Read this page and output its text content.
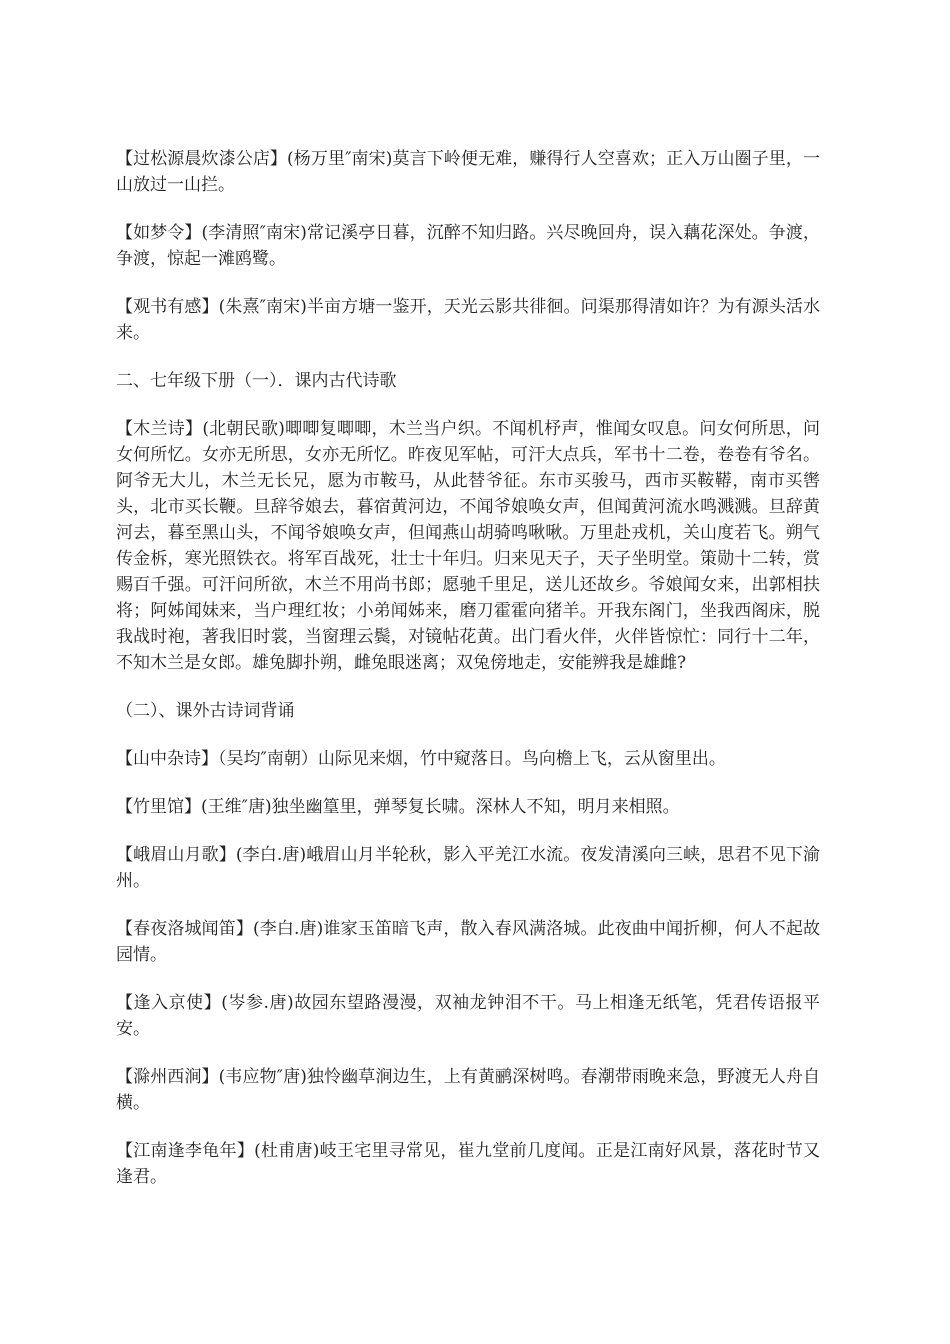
【过松源晨炊漆公店】(杨万里″南宋)莫言下岭便无难，赚得行人空喜欢；正入万山圈子里，一山放过一山拦。

【如梦令】(李清照″南宋)常记溪亭日暮，沉醉不知归路。兴尽晚回舟，误入藕花深处。争渡，争渡，惊起一滩鸥鹭。

【观书有感】(朱熹″南宋)半亩方塘一鉴开，天光云影共徘徊。问渠那得清如许？为有源头活水来。

二、七年级下册（一）．课内古代诗歌

【木兰诗】(北朝民歌)唧唧复唧唧，木兰当户织。不闻机杼声，惟闻女叹息。问女何所思，问女何所忆。女亦无所思，女亦无所忆。昨夜见军帖，可汗大点兵，军书十二卷，卷卷有爷名。阿爷无大儿，木兰无长兄，愿为市鞍马，从此替爷征。东市买骏马，西市买鞍鞯，南市买辔头，北市买长鞭。旦辞爷娘去，暮宿黄河边，不闻爷娘唤女声，但闻黄河流水鸣溅溅。旦辞黄河去，暮至黑山头，不闻爷娘唤女声，但闻燕山胡骑鸣啾啾。万里赴戎机，关山度若飞。朔气传金柝，寒光照铁衣。将军百战死，壮士十年归。归来见天子，天子坐明堂。策勋十二转，赏赐百千强。可汗问所欲，木兰不用尚书郎；愿驰千里足，送儿还故乡。爷娘闻女来，出郭相扶将；阿姊闻妹来，当户理红妆；小弟闻姊来，磨刀霍霍向猪羊。开我东阁门，坐我西阁床，脱我战时袍，著我旧时裳，当窗理云鬓，对镜帖花黄。出门看火伴，火伴皆惊忙：同行十二年，不知木兰是女郎。雄兔脚扑朔，雌兔眼迷离；双兔傍地走，安能辨我是雄雌?

（二）、课外古诗词背诵

【山中杂诗】（吴均″南朝）山际见来烟，竹中窥落日。鸟向檐上飞，云从窗里出。

【竹里馆】(王维″唐)独坐幽篁里，弹琴复长啸。深林人不知，明月来相照。

【峨眉山月歌】(李白.唐)峨眉山月半轮秋，影入平羌江水流。夜发清溪向三峡，思君不见下渝州。

【春夜洛城闻笛】(李白.唐)谁家玉笛暗飞声，散入春风满洛城。此夜曲中闻折柳，何人不起故园情。

【逢入京使】(岑参.唐)故园东望路漫漫，双袖龙钟泪不干。马上相逢无纸笔，凭君传语报平安。

【滁州西涧】(韦应物″唐)独怜幽草涧边生，上有黄鹂深树鸣。春潮带雨晚来急，野渡无人舟自横。

【江南逢李龟年】(杜甫唐)岐王宅里寻常见，崔九堂前几度闻。正是江南好风景，落花时节又逢君。
